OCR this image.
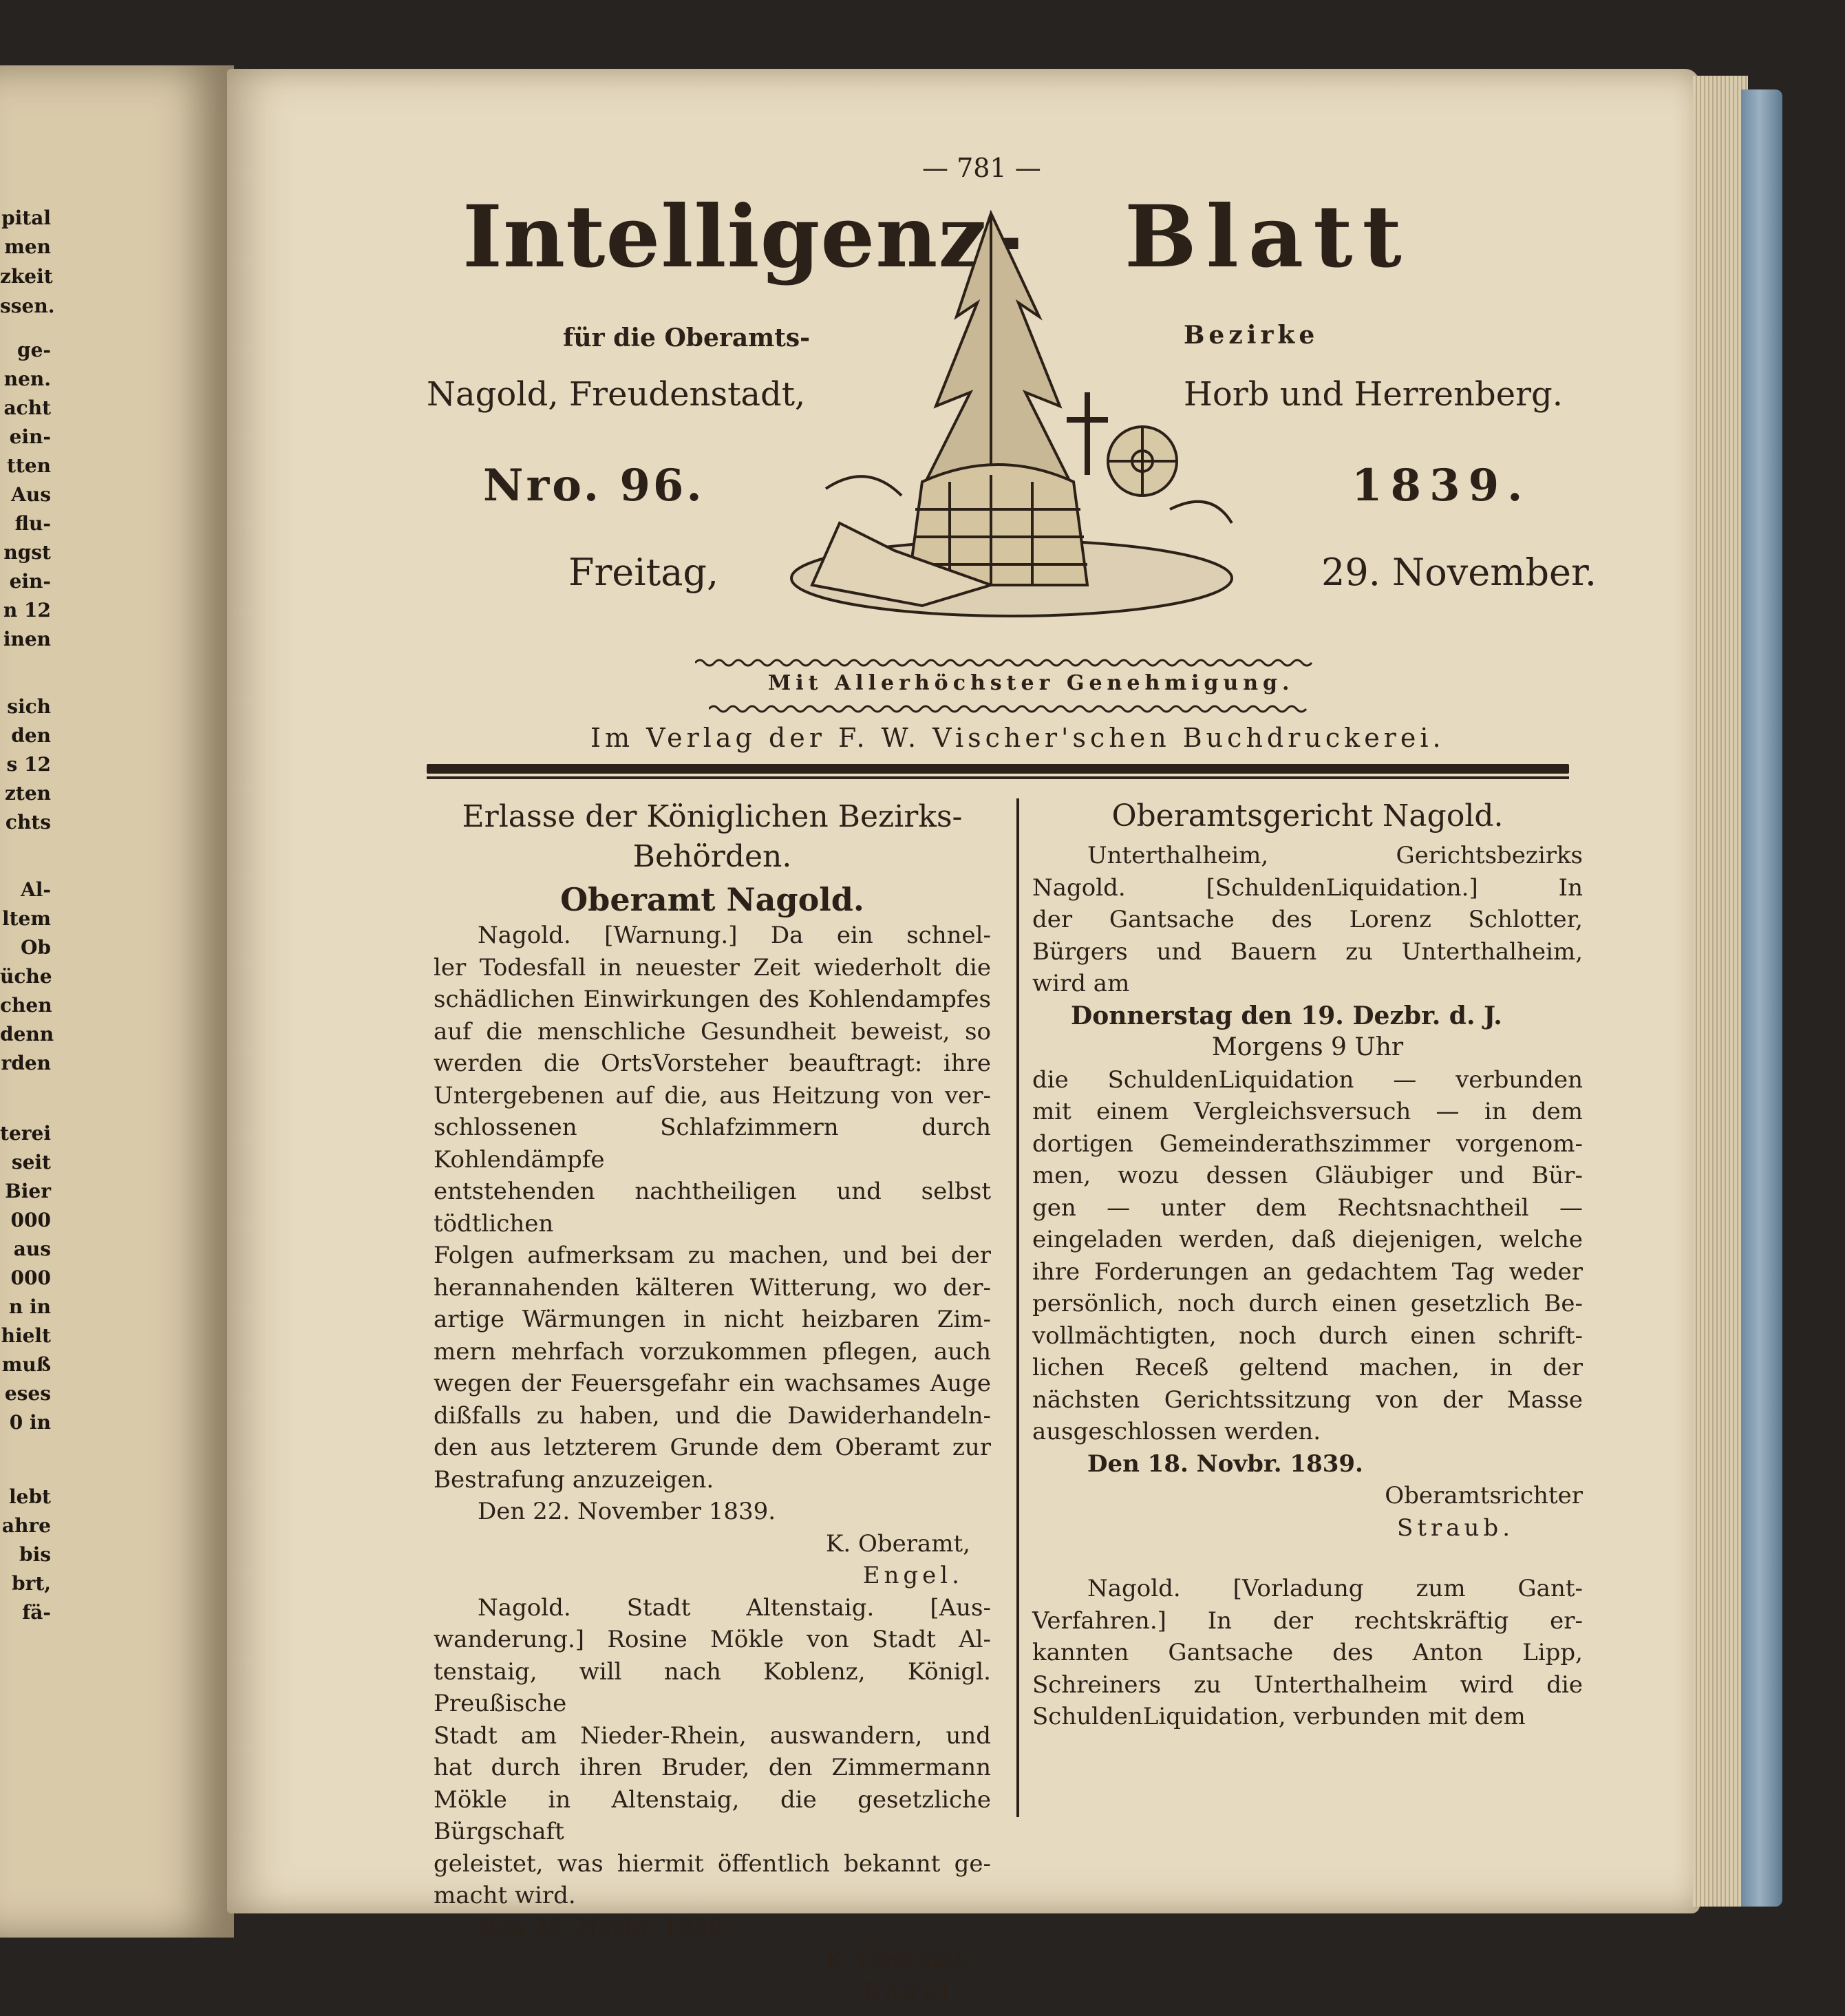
pital
men
zkeit
ssen.
ge-
nen.
acht
ein-
tten
Aus
flu-
ngst
ein-
n 12
inen
sich
den
s 12
zten
chts
Al-
ltem
Ob
üche
chen
denn
rden
terei
seit
Bier
000
aus
000
n in
hielt
muß
eses
0 in
lebt
ahre
bis
brt,
fä-
— 781 —
Intelligenz- Blatt
für die Oberamts-	Bezirke
Nagold, Freudenstadt,	Horb und Herrenberg.
Nro. 96.	1839.
Freitag,	29. November.
Mit Allerhöchster Genehmigung.
Im Verlag der F. W. Vischer'schen Buchdruckerei.

Erlasse der Königlichen Bezirks-Behörden.

Oberamt Nagold.

Nagold. [Warnung.] Da ein schnel-

ler Todesfall in neuester Zeit wiederholt die

schädlichen Einwirkungen des Kohlendampfes

auf die menschliche Gesundheit beweist, so

werden die OrtsVorsteher beauftragt: ihre

Untergebenen auf die, aus Heitzung von ver-

schlossenen Schlafzimmern durch Kohlendämpfe

entstehenden nachtheiligen und selbst tödtlichen

Folgen aufmerksam zu machen, und bei der

herannahenden kälteren Witterung, wo der-

artige Wärmungen in nicht heizbaren Zim-

mern mehrfach vorzukommen pflegen, auch

wegen der Feuersgefahr ein wachsames Auge

dißfalls zu haben, und die Dawiderhandeln-

den aus letzterem Grunde dem Oberamt zur

Bestrafung anzuzeigen.

Den 22. November 1839.

K. Oberamt,

Engel.

Nagold. Stadt Altenstaig. [Aus-

wanderung.] Rosine Mökle von Stadt Al-

tenstaig, will nach Koblenz, Königl. Preußische

Stadt am Nieder-Rhein, auswandern, und

hat durch ihren Bruder, den Zimmermann

Mökle in Altenstaig, die gesetzliche Bürgschaft

geleistet, was hiermit öffentlich bekannt ge-

macht wird.

Den 25. Novbr. 1839.

K. Oberamt,

Engel.

Oberamtsgericht Nagold.

Unterthalheim, Gerichtsbezirks

Nagold. [SchuldenLiquidation.] In

der Gantsache des Lorenz Schlotter,

Bürgers und Bauern zu Unterthalheim,

wird am

Donnerstag den 19. Dezbr. d. J.

Morgens 9 Uhr

die SchuldenLiquidation — verbunden

mit einem Vergleichsversuch — in dem

dortigen Gemeinderathszimmer vorgenom-

men, wozu dessen Gläubiger und Bür-

gen — unter dem Rechtsnachtheil —

eingeladen werden, daß diejenigen, welche

ihre Forderungen an gedachtem Tag weder

persönlich, noch durch einen gesetzlich Be-

vollmächtigten, noch durch einen schrift-

lichen Receß geltend machen, in der

nächsten Gerichtssitzung von der Masse

ausgeschlossen werden.

Den 18. Novbr. 1839.

Oberamtsrichter

Straub.

Nagold. [Vorladung zum Gant-

Verfahren.] In der rechtskräftig er-

kannten Gantsache des Anton Lipp,

Schreiners zu Unterthalheim wird die

SchuldenLiquidation, verbunden mit dem
